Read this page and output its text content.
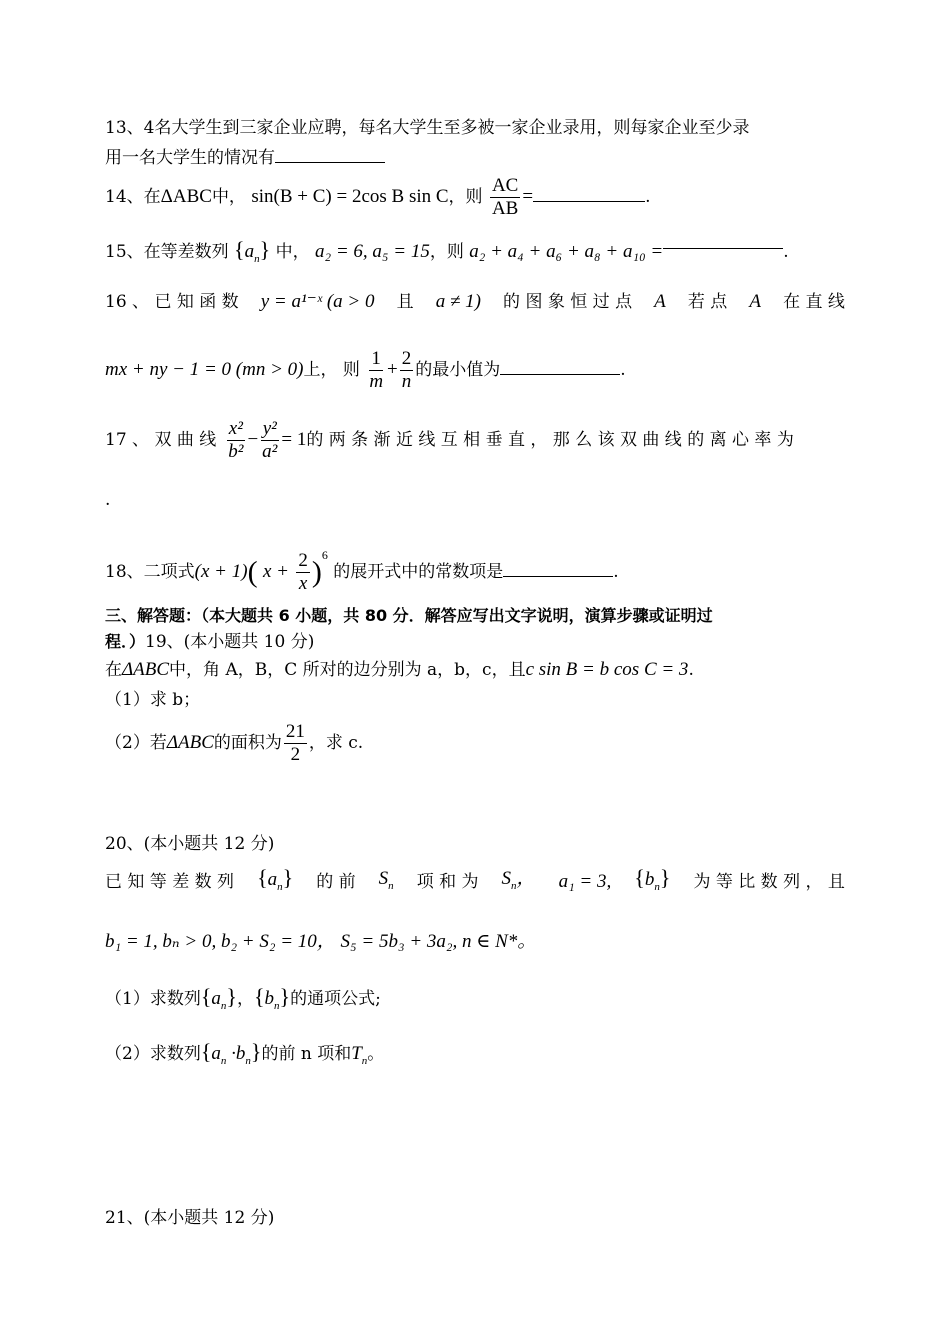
13、4名大学生到三家企业应聘，每名大学生至多被一家企业录用，则每家企业至少录
用一名大学生的情况有
14、在ΔABC中， sin(B + C) = 2cos B sin C，则 $\frac{AC}{AB}$ =	.
15、在等差数列 $\{a_n\}$ 中， a₂ = 6, a₅ = 15，则 a₂ + a₄ + a₆ + a₈ + a₁₀ =	.
16 、 已 知 函 数 y = a¹⁻ˣ (a > 0 且 a ≠ 1) 的 图 象 恒 过 点 A 若 点 A 在 直 线
mx + ny − 1 = 0 (mn > 0)上， 则 $\frac{1}{m} + \frac{2}{n}$ 的最小值为	.
17 、 双 曲 线 $\frac{\text{x²}}{\text{b²}} - \frac{\text{y²}}{\text{a²}} = 1$ 的 两 条 渐 近 线 互 相 垂 直 ， 那 么 该 双 曲 线 的 离 心 率 为
.
18、二项式(x + 1)( $x + \frac{2}{x} )^6$ 的展开式中的常数项是	.
三、解答题：（本大题共 6 小题，共 80 分．解答应写出文字说明，演算步骤或证明过
程．）19、(本小题共 10 分)
在ΔABC中，角 A，B，C 所对的边分别为 a，b，c，且c sin B = b cos C = 3.
（1）求 b；
（2）若ΔABC的面积为 $\frac{21}{2}$ ，求 c.
20、(本小题共 12 分)
已 知 等 差 数 列 $\{a_n\}$ 的 前 $S_n$ 项 和 为 $S_n$， a₁ = 3, $\{b_n\}$ 为 等 比 数 列 ， 且
b₁ = 1, bₙ > 0, b₂ + S₂ = 10， S₅ = 5b₃ + 3a₂, n ∈ N*。
（1）求数列$\{a_n\}$，$\{b_n\}$的通项公式;
（2）求数列$\{a_n \cdot b_n\}$的前 n 项和$T_n$。
21、(本小题共 12 分)
